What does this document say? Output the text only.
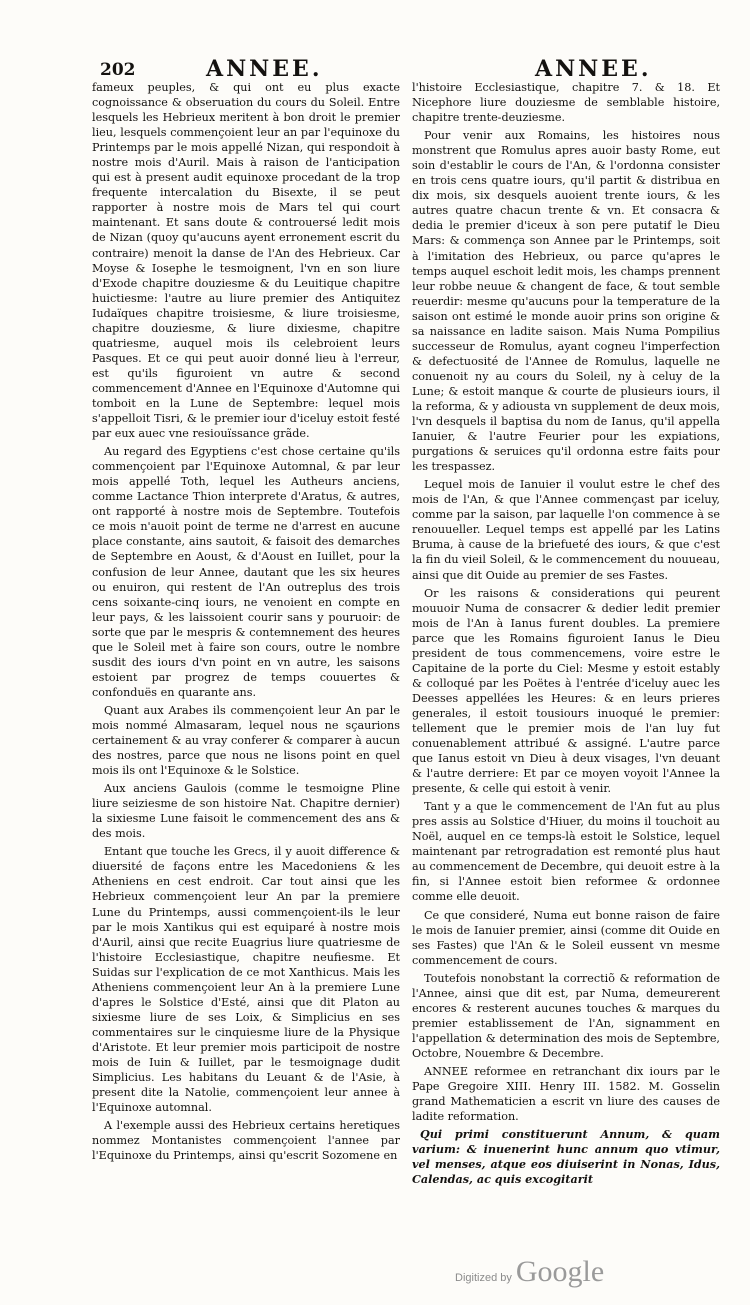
202	ANNEE.	ANNEE.

fameux peuples, & qui ont eu plus exacte cognoissance & obseruation du cours du Soleil. Entre lesquels les Hebrieux meritent à bon droit le premier lieu, lesquels commençoient leur an par l'equinoxe du Printemps par le mois appellé Nizan, qui respondoit à nostre mois d'Auril. Mais à raison de l'anticipation qui est à present audit equinoxe procedant de la trop frequente intercalation du Bisexte, il se peut rapporter à nostre mois de Mars tel qui court maintenant. Et sans doute & controuersé ledit mois de Nizan (quoy qu'aucuns ayent erronement escrit du contraire) menoit la danse de l'An des Hebrieux. Car Moyse & Iosephe le tesmoignent, l'vn en son liure d'Exode chapitre douziesme & du Leuitique chapitre huictiesme: l'autre au liure premier des Antiquitez Iudaïques chapitre troisiesme, & liure troisiesme, chapitre douziesme, & liure dixiesme, chapitre quatriesme, auquel mois ils celebroient leurs Pasques. Et ce qui peut auoir donné lieu à l'erreur, est qu'ils figuroient vn autre & second commencement d'Annee en l'Equinoxe d'Automne qui tomboit en la Lune de Septembre: lequel mois s'appelloit Tisri, & le premier iour d'iceluy estoit festé par eux auec vne resiouïssance grãde.

Au regard des Egyptiens c'est chose certaine qu'ils commençoient par l'Equinoxe Automnal, & par leur mois appellé Toth, lequel les Autheurs anciens, comme Lactance Thion interprete d'Aratus, & autres, ont rapporté à nostre mois de Septembre. Toutefois ce mois n'auoit point de terme ne d'arrest en aucune place constante, ains sautoit, & faisoit des demarches de Septembre en Aoust, & d'Aoust en Iuillet, pour la confusion de leur Annee, dautant que les six heures ou enuiron, qui restent de l'An outreplus des trois cens soixante-cinq iours, ne venoient en compte en leur pays, & les laissoient courir sans y pouruoir: de sorte que par le mespris & contemnement des heures que le Soleil met à faire son cours, outre le nombre susdit des iours d'vn point en vn autre, les saisons estoient par progrez de temps couuertes & confonduës en quarante ans.

Quant aux Arabes ils commençoient leur An par le mois nommé Almasaram, lequel nous ne sçaurions certainement & au vray conferer & comparer à aucun des nostres, parce que nous ne lisons point en quel mois ils ont l'Equinoxe & le Solstice.

Aux anciens Gaulois (comme le tesmoigne Pline liure seiziesme de son histoire Nat. Chapitre dernier) la sixiesme Lune faisoit le commencement des ans & des mois.

Entant que touche les Grecs, il y auoit difference & diuersité de façons entre les Macedoniens & les Atheniens en cest endroit. Car tout ainsi que les Hebrieux commençoient leur An par la premiere Lune du Printemps, aussi commençoient-ils le leur par le mois Xantikus qui est equiparé à nostre mois d'Auril, ainsi que recite Euagrius liure quatriesme de l'histoire Ecclesiastique, chapitre neufiesme. Et Suidas sur l'explication de ce mot Xanthicus. Mais les Atheniens commençoient leur An à la premiere Lune d'apres le Solstice d'Esté, ainsi que dit Platon au sixiesme liure de ses Loix, & Simplicius en ses commentaires sur le cinquiesme liure de la Physique d'Aristote. Et leur premier mois participoit de nostre mois de Iuin & Iuillet, par le tesmoignage dudit Simplicius. Les habitans du Leuant & de l'Asie, à present dite la Natolie, commençoient leur annee à l'Equinoxe automnal.

A l'exemple aussi des Hebrieux certains heretiques nommez Montanistes commençoient l'annee par l'Equinoxe du Printemps, ainsi qu'escrit Sozomene en

l'histoire Ecclesiastique, chapitre 7. & 18. Et Nicephore liure douziesme de semblable histoire, chapitre trente-deuziesme.

Pour venir aux Romains, les histoires nous monstrent que Romulus apres auoir basty Rome, eut soin d'establir le cours de l'An, & l'ordonna consister en trois cens quatre iours, qu'il partit & distribua en dix mois, six desquels auoient trente iours, & les autres quatre chacun trente & vn. Et consacra & dedia le premier d'iceux à son pere putatif le Dieu Mars: & commença son Annee par le Printemps, soit à l'imitation des Hebrieux, ou parce qu'apres le temps auquel eschoit ledit mois, les champs prennent leur robbe neuue & changent de face, & tout semble reuerdir: mesme qu'aucuns pour la temperature de la saison ont estimé le monde auoir prins son origine & sa naissance en ladite saison. Mais Numa Pompilius successeur de Romulus, ayant cogneu l'imperfection & defectuosité de l'Annee de Romulus, laquelle ne conuenoit ny au cours du Soleil, ny à celuy de la Lune; & estoit manque & courte de plusieurs iours, il la reforma, & y adiousta vn supplement de deux mois, l'vn desquels il baptisa du nom de Ianus, qu'il appella Ianuier, & l'autre Feurier pour les expiations, purgations & seruices qu'il ordonna estre faits pour les trespassez.

Lequel mois de Ianuier il voulut estre le chef des mois de l'An, & que l'Annee commençast par iceluy, comme par la saison, par laquelle l'on commence à se renouueller. Lequel temps est appellé par les Latins Bruma, à cause de la briefueté des iours, & que c'est la fin du vieil Soleil, & le commencement du nouueau, ainsi que dit Ouide au premier de ses Fastes.

Or les raisons & considerations qui peurent mouuoir Numa de consacrer & dedier ledit premier mois de l'An à Ianus furent doubles. La premiere parce que les Romains figuroient Ianus le Dieu president de tous commencemens, voire estre le Capitaine de la porte du Ciel: Mesme y estoit estably & colloqué par les Poëtes à l'entrée d'iceluy auec les Deesses appellées les Heures: & en leurs prieres generales, il estoit tousiours inuoqué le premier: tellement que le premier mois de l'an luy fut conuenablement attribué & assigné. L'autre parce que Ianus estoit vn Dieu à deux visages, l'vn deuant & l'autre derriere: Et par ce moyen voyoit l'Annee la presente, & celle qui estoit à venir.

Tant y a que le commencement de l'An fut au plus pres assis au Solstice d'Hiuer, du moins il touchoit au Noël, auquel en ce temps-là estoit le Solstice, lequel maintenant par retrogradation est remonté plus haut au commencement de Decembre, qui deuoit estre à la fin, si l'Annee estoit bien reformee & ordonnee comme elle deuoit.

Ce que consideré, Numa eut bonne raison de faire le mois de Ianuier premier, ainsi (comme dit Ouide en ses Fastes) que l'An & le Soleil eussent vn mesme commencement de cours.

Toutefois nonobstant la correctiõ & reformation de l'Annee, ainsi que dit est, par Numa, demeurerent encores & resterent aucunes touches & marques du premier establissement de l'An, signamment en l'appellation & determination des mois de Septembre, Octobre, Nouembre & Decembre.

ANNEE reformee en retranchant dix iours par le Pape Gregoire XIII. Henry III. 1582. M. Gosselin grand Mathematicien a escrit vn liure des causes de ladite reformation.

Qui primi constituerunt Annum, & quam varium: & inuenerint hunc annum quo vtimur, vel menses, atque eos diuiserint in Nonas, Idus, Calendas, ac quis excogitarit

Digitized by Google
